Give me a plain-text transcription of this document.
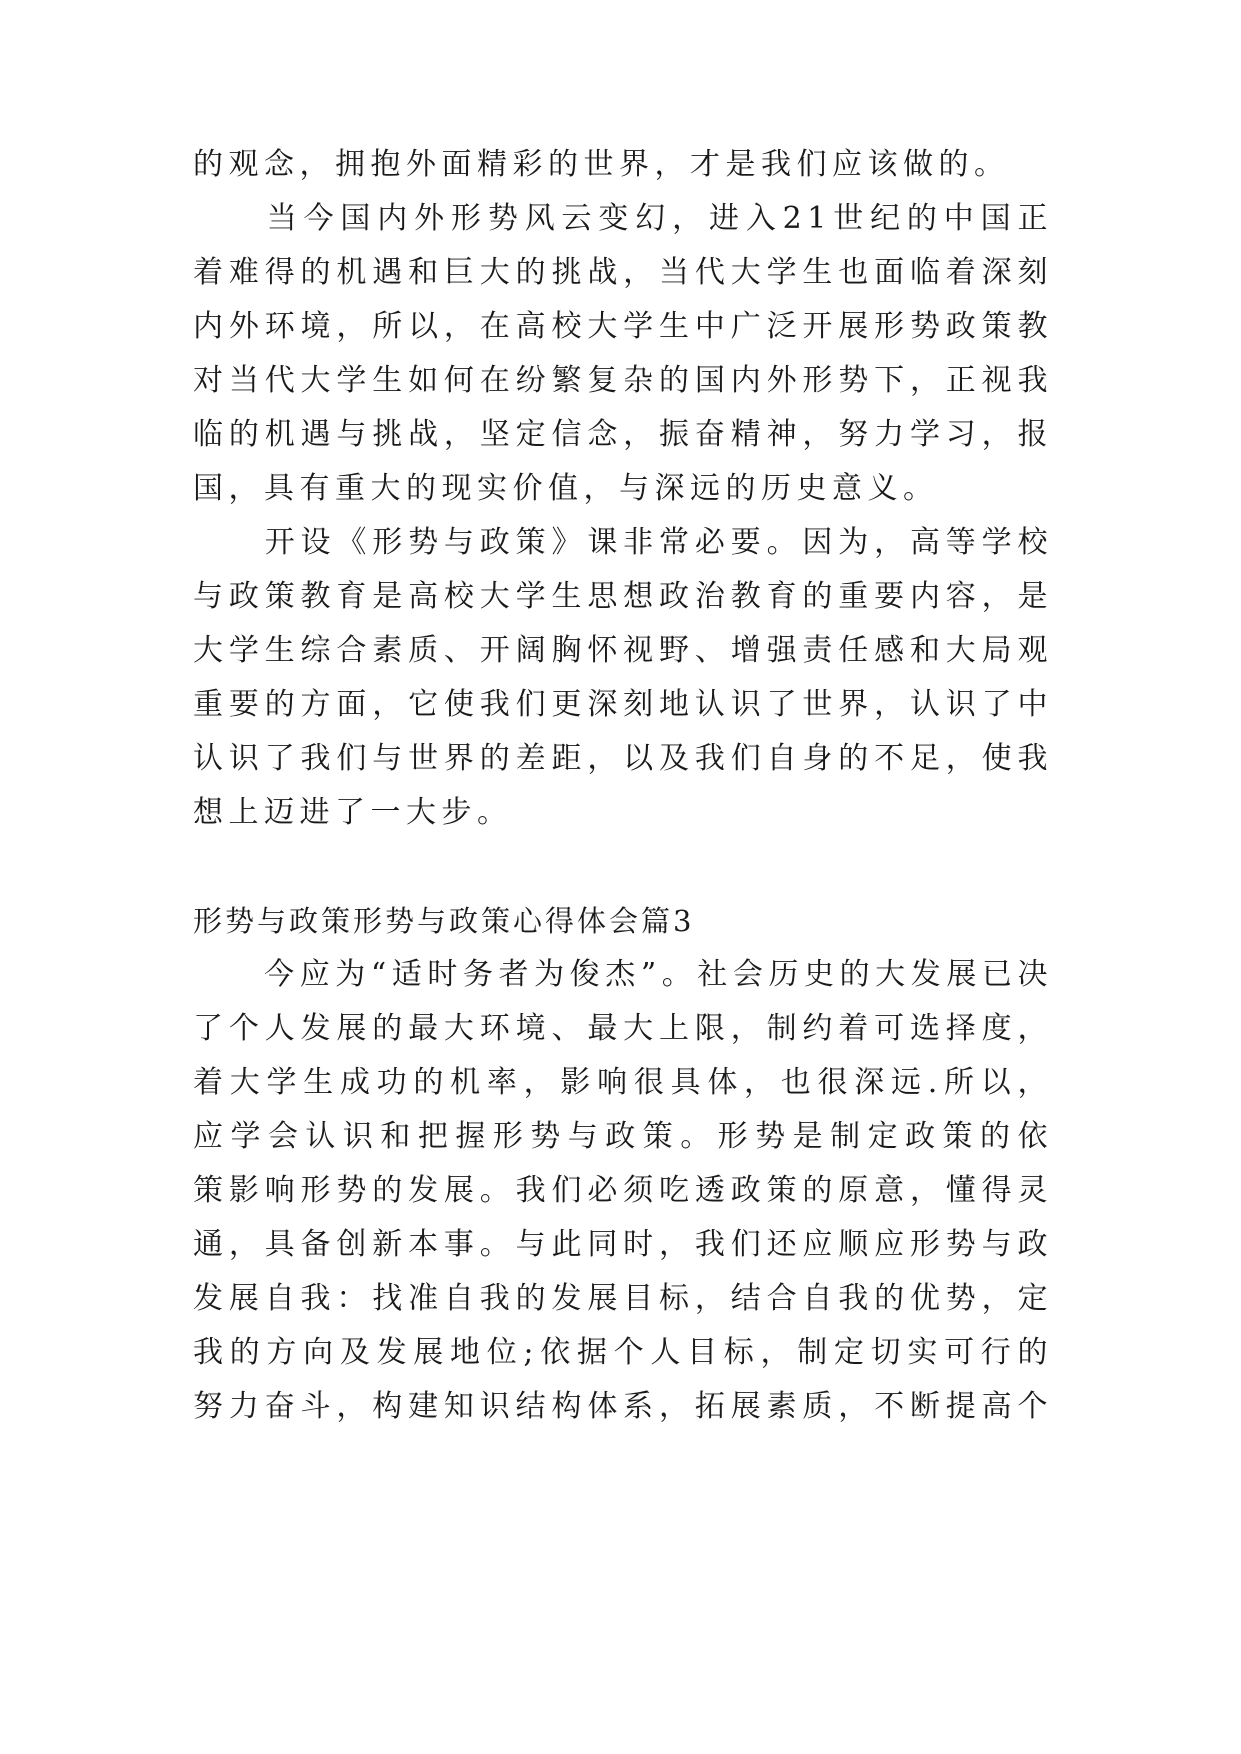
的观念，拥抱外面精彩的世界，才是我们应该做的。
　　当今国内外形势风云变幻，进入21世纪的中国正
着难得的机遇和巨大的挑战，当代大学生也面临着深刻
内外环境，所以，在高校大学生中广泛开展形势政策教
对当代大学生如何在纷繁复杂的国内外形势下，正视我
临的机遇与挑战，坚定信念，振奋精神，努力学习，报
国，具有重大的现实价值，与深远的历史意义。
　　开设《形势与政策》课非常必要。因为，高等学校
与政策教育是高校大学生思想政治教育的重要内容，是
大学生综合素质、开阔胸怀视野、增强责任感和大局观
重要的方面，它使我们更深刻地认识了世界，认识了中
认识了我们与世界的差距，以及我们自身的不足，使我
想上迈进了一大步。
形势与政策形势与政策心得体会篇3
　　今应为“适时务者为俊杰”。社会历史的大发展已决
了个人发展的最大环境、最大上限，制约着可选择度，
着大学生成功的机率，影响很具体，也很深远.所以，
应学会认识和把握形势与政策。形势是制定政策的依
策影响形势的发展。我们必须吃透政策的原意，懂得灵
通，具备创新本事。与此同时，我们还应顺应形势与政
发展自我：找准自我的发展目标，结合自我的优势，定
我的方向及发展地位;依据个人目标，制定切实可行的
努力奋斗，构建知识结构体系，拓展素质，不断提高个
